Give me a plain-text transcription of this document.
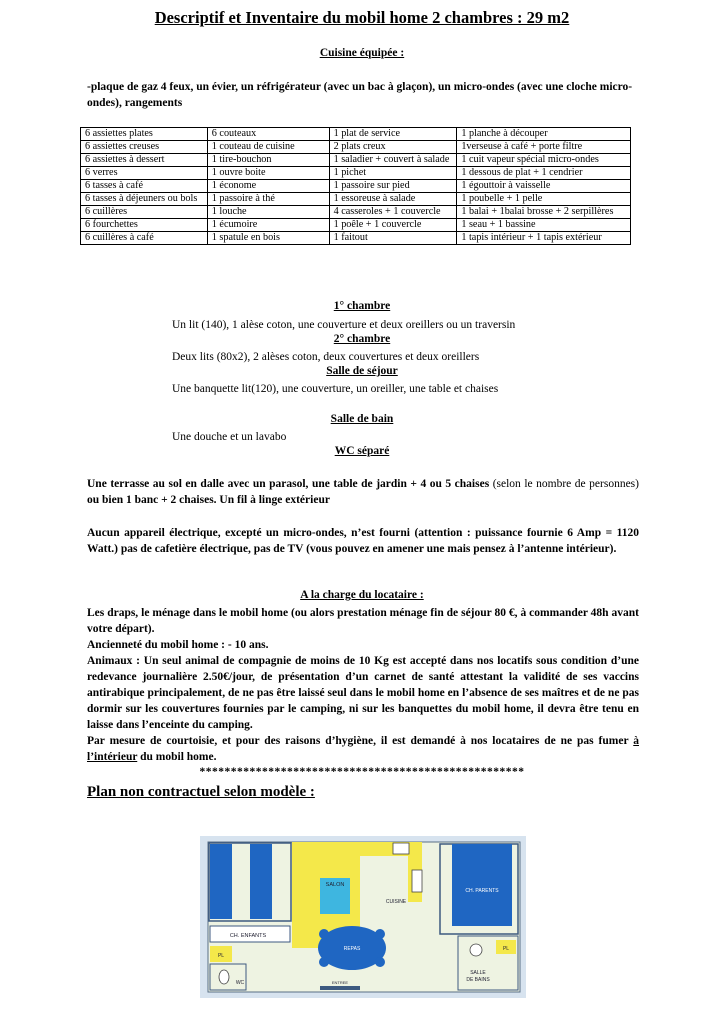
Descriptif et Inventaire du mobil home 2 chambres : 29 m2
Cuisine équipée :
-plaque de gaz 4 feux, un évier, un réfrigérateur (avec un bac à glaçon), un micro-ondes (avec une cloche micro-ondes), rangements
6 assiettes plates	6 couteaux	1 plat de service	1 planche à découper
6 assiettes creuses	1 couteau de cuisine	2 plats creux	1verseuse à café + porte filtre
6 assiettes à dessert	1 tire-bouchon	1 saladier + couvert à salade	1 cuit vapeur spécial micro-ondes
6 verres	1 ouvre boite	1 pichet	1 dessous de plat + 1 cendrier
6 tasses à café	1 économe	1 passoire sur pied	1 égouttoir à vaisselle
6 tasses à déjeuners ou bols	1 passoire à thé	1 essoreuse à salade	1 poubelle + 1 pelle
6 cuillères	1 louche	4 casseroles + 1 couvercle	1 balai + 1balai brosse + 2 serpillères
6 fourchettes	1 écumoire	1 poêle + 1 couvercle	1 seau + 1 bassine
6 cuillères à café	1 spatule en bois	1 faitout	1 tapis intérieur + 1 tapis extérieur
1° chambre
Un lit (140), 1 alèse coton, une couverture et deux oreillers ou un traversin
2° chambre
Deux lits (80x2), 2 alèses coton, deux couvertures et deux oreillers
Salle de séjour
Une banquette lit(120), une couverture, un oreiller, une table et chaises
Salle de bain
Une douche et un lavabo
WC séparé
Une terrasse au sol en dalle avec un parasol, une table de jardin + 4 ou 5 chaises (selon le nombre de personnes) ou bien 1 banc + 2 chaises. Un fil à linge extérieur
Aucun appareil électrique, excepté un micro-ondes, n’est fourni (attention : puissance fournie 6 Amp = 1120 Watt.) pas de cafetière électrique, pas de TV (vous pouvez en amener une mais pensez à l’antenne intérieur).
A la charge du locataire :
Les draps, le ménage dans le mobil home (ou alors prestation ménage fin de séjour 80 €, à commander 48h avant votre départ).
Ancienneté du mobil home : - 10 ans.
Animaux : Un seul animal de compagnie de moins de 10 Kg est accepté dans nos locatifs sous condition d’une redevance journalière 2.50€/jour, de présentation d’un carnet de santé attestant la validité de ses vaccins antirabique principalement, de ne pas être laissé seul dans le mobil home en l’absence de ses maîtres et de ne pas dormir sur les couvertures fournies par le camping, ni sur les banquettes du mobil home, il devra être tenu en laisse dans l’enceinte du camping.
Par mesure de courtoisie, et pour des raisons d’hygiène, il est demandé à nos locataires de ne pas fumer à l’intérieur du mobil home.
****************************************************
Plan non contractuel selon modèle :
CH. ENFANTS
SALON
CUISINE
CH. PARENTS
REPAS
PL
WC
PL
SALLE
DE BAINS
ENTREE
